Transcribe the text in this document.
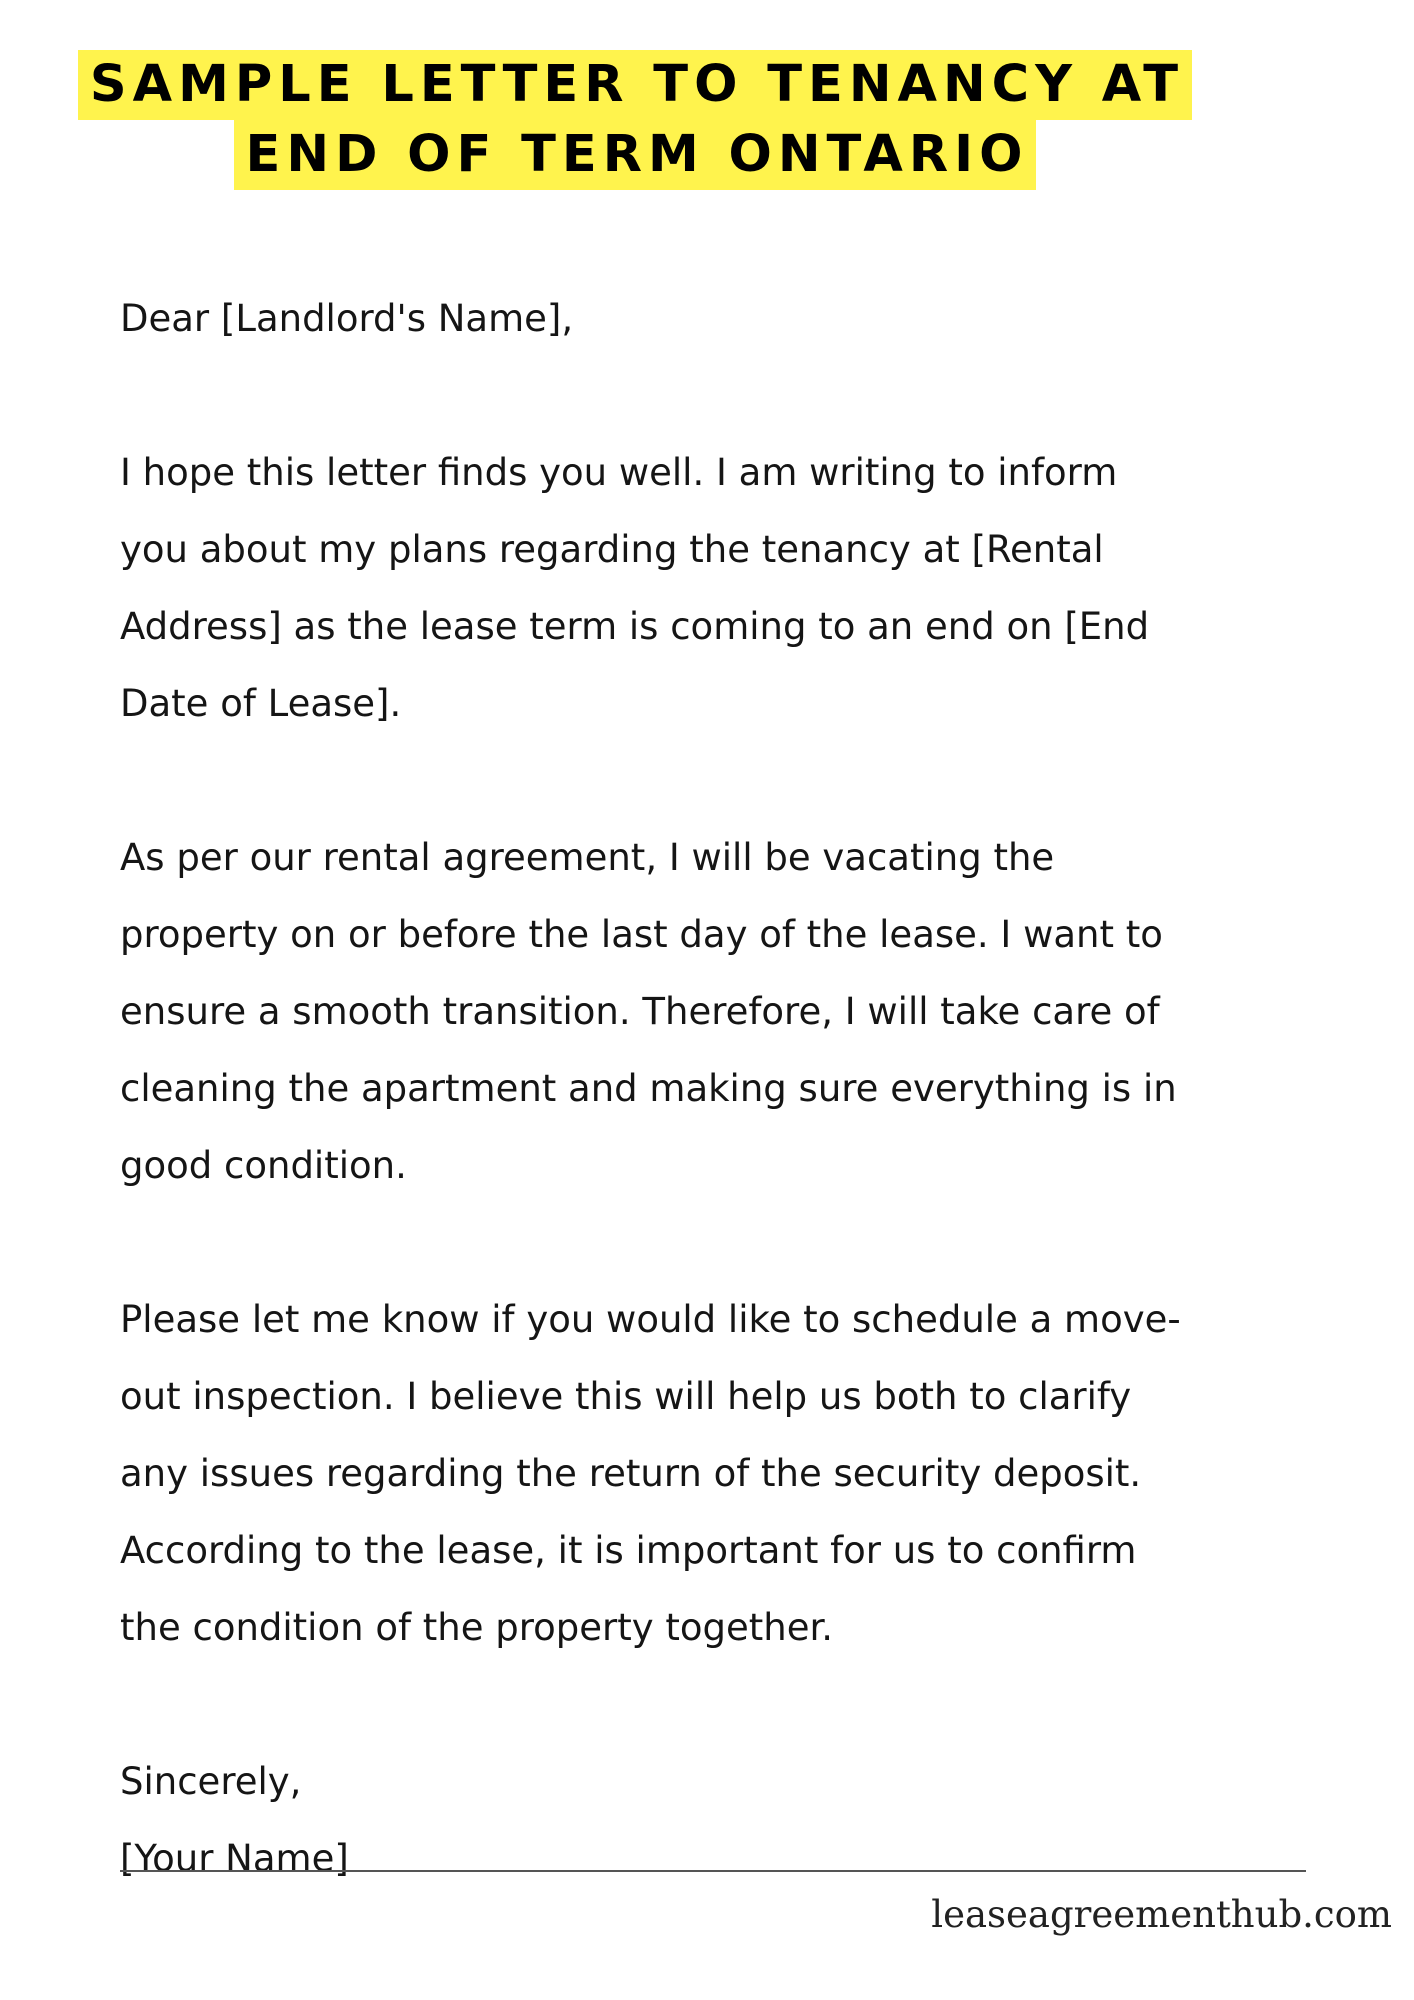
SAMPLE LETTER TO TENANCY AT
END OF TERM ONTARIO

Dear [Landlord's Name],

I hope this letter finds you well. I am writing to inform
you about my plans regarding the tenancy at [Rental
Address] as the lease term is coming to an end on [End
Date of Lease].

As per our rental agreement, I will be vacating the
property on or before the last day of the lease. I want to
ensure a smooth transition. Therefore, I will take care of
cleaning the apartment and making sure everything is in
good condition.

Please let me know if you would like to schedule a move-
out inspection. I believe this will help us both to clarify
any issues regarding the return of the security deposit.
According to the lease, it is important for us to confirm
the condition of the property together.

Sincerely,

[Your Name]

leaseagreementhub.com
